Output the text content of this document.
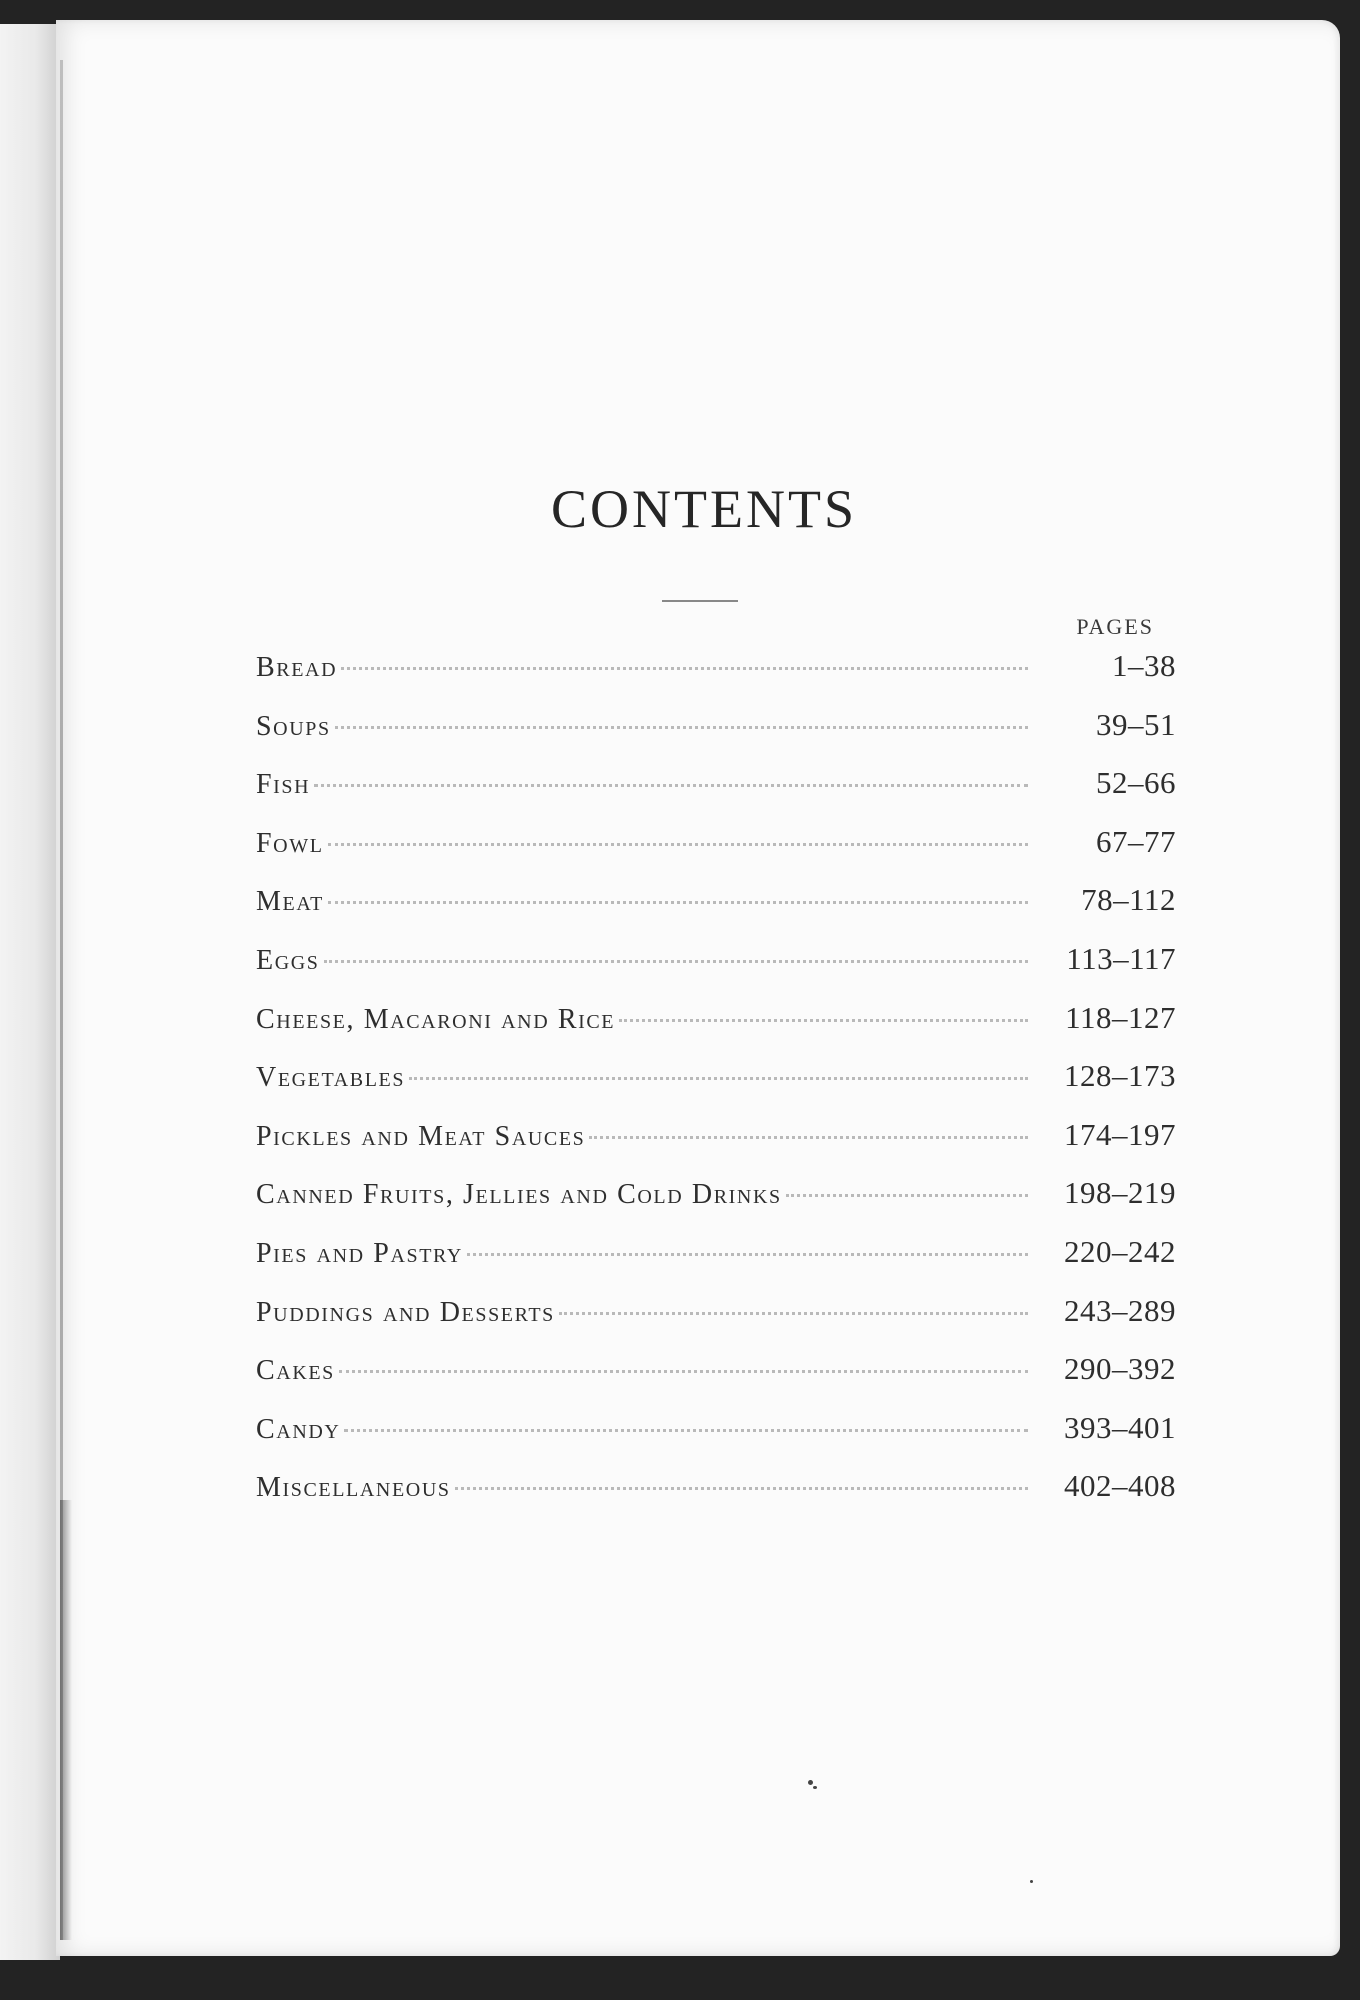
CONTENTS
PAGES
Bread	1–38
Soups	39–51
Fish	52–66
Fowl	67–77
Meat	78–112
Eggs	113–117
Cheese, Macaroni and Rice	118–127
Vegetables	128–173
Pickles and Meat Sauces	174–197
Canned Fruits, Jellies and Cold Drinks	198–219
Pies and Pastry	220–242
Puddings and Desserts	243–289
Cakes	290–392
Candy	393–401
Miscellaneous	402–408
